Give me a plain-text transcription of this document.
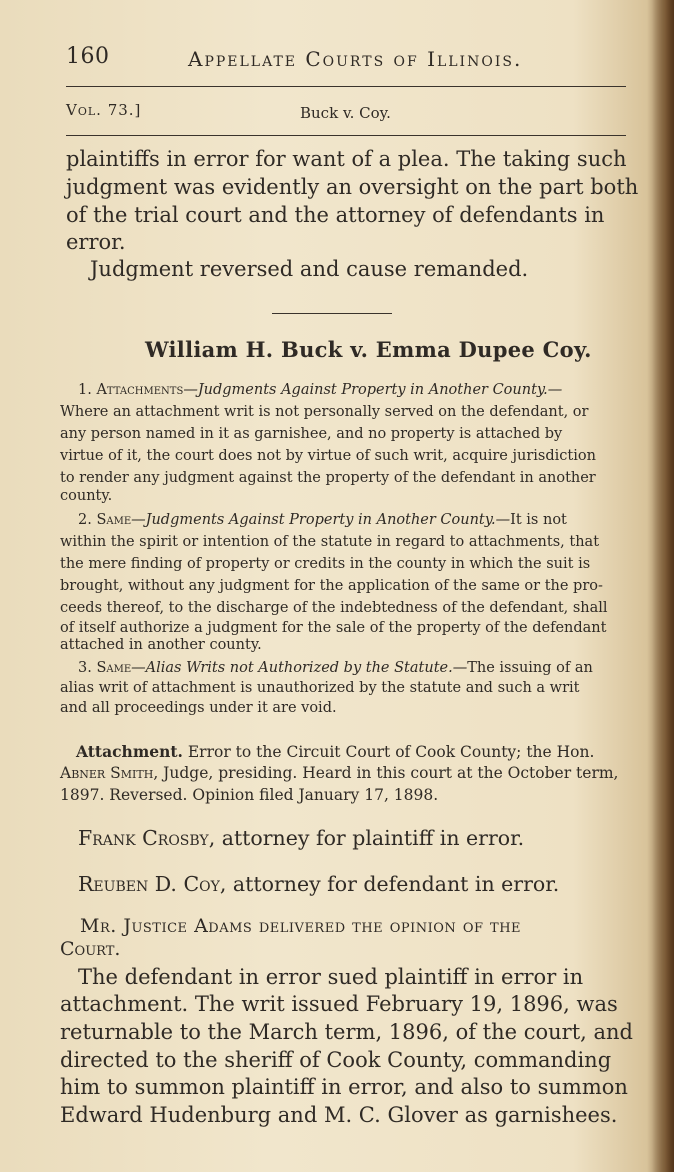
160	Appellate Courts of Illinois.
Vol. 73.]	Buck v. Coy.
plaintiffs in error for want of a plea. The taking such
judgment was evidently an oversight on the part both
of the trial court and the attorney of defendants in
error.
Judgment reversed and cause remanded.
William H. Buck v. Emma Dupee Coy.
1. Attachments—Judgments Against Property in Another County.—
Where an attachment writ is not personally served on the defendant, or
any person named in it as garnishee, and no property is attached by
virtue of it, the court does not by virtue of such writ, acquire jurisdiction
to render any judgment against the property of the defendant in another
county.
2. Same—Judgments Against Property in Another County.—It is not
within the spirit or intention of the statute in regard to attachments, that
the mere finding of property or credits in the county in which the suit is
brought, without any judgment for the application of the same or the pro-
ceeds thereof, to the discharge of the indebtedness of the defendant, shall
of itself authorize a judgment for the sale of the property of the defendant
attached in another county.
3. Same—Alias Writs not Authorized by the Statute.—The issuing of an
alias writ of attachment is unauthorized by the statute and such a writ
and all proceedings under it are void.
Attachment. Error to the Circuit Court of Cook County; the Hon.
Abner Smith, Judge, presiding. Heard in this court at the October term,
1897. Reversed. Opinion filed January 17, 1898.
Frank Crosby, attorney for plaintiff in error.
Reuben D. Coy, attorney for defendant in error.
Mr. Justice Adams delivered the opinion of the
Court.
The defendant in error sued plaintiff in error in
attachment. The writ issued February 19, 1896, was
returnable to the March term, 1896, of the court, and
directed to the sheriff of Cook County, commanding
him to summon plaintiff in error, and also to summon
Edward Hudenburg and M. C. Glover as garnishees.
